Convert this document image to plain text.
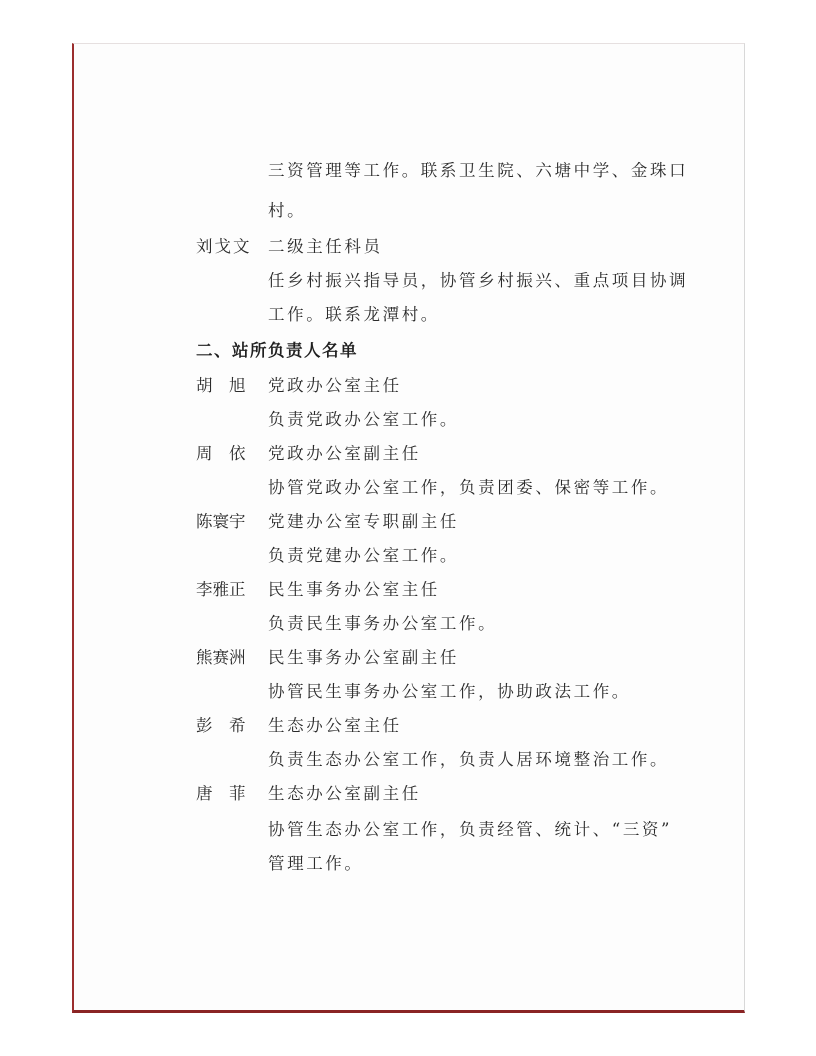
三资管理等工作。联系卫生院、六塘中学、金珠口
村。
刘戈文 二级主任科员
任乡村振兴指导员，协管乡村振兴、重点项目协调
工作。联系龙潭村。
二、站所负责人名单
胡　旭	党政办公室主任
负责党政办公室工作。
周　依	党政办公室副主任
协管党政办公室工作，负责团委、保密等工作。
陈寰宇	党建办公室专职副主任
负责党建办公室工作。
李雅正	民生事务办公室主任
负责民生事务办公室工作。
熊赛洲	民生事务办公室副主任
协管民生事务办公室工作，协助政法工作。
彭　希	生态办公室主任
负责生态办公室工作，负责人居环境整治工作。
唐　菲	生态办公室副主任
协管生态办公室工作，负责经管、统计、“三资”
管理工作。
